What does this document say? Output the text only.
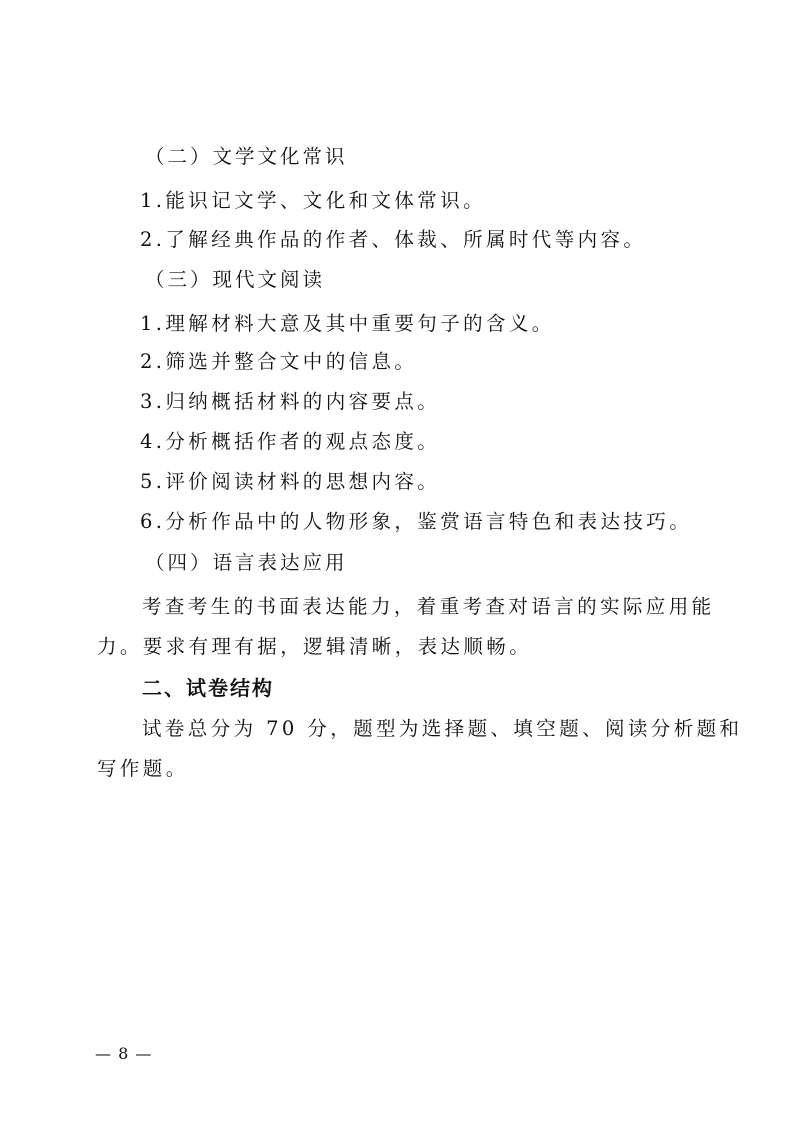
（二）文学文化常识
1.能识记文学、文化和文体常识。
2.了解经典作品的作者、体裁、所属时代等内容。
（三）现代文阅读
1.理解材料大意及其中重要句子的含义。
2.筛选并整合文中的信息。
3.归纳概括材料的内容要点。
4.分析概括作者的观点态度。
5.评价阅读材料的思想内容。
6.分析作品中的人物形象，鉴赏语言特色和表达技巧。
（四）语言表达应用
考查考生的书面表达能力，着重考查对语言的实际应用能
力。要求有理有据，逻辑清晰，表达顺畅。
二、试卷结构
试卷总分为 70 分，题型为选择题、填空题、阅读分析题和
写作题。
— 8 —
